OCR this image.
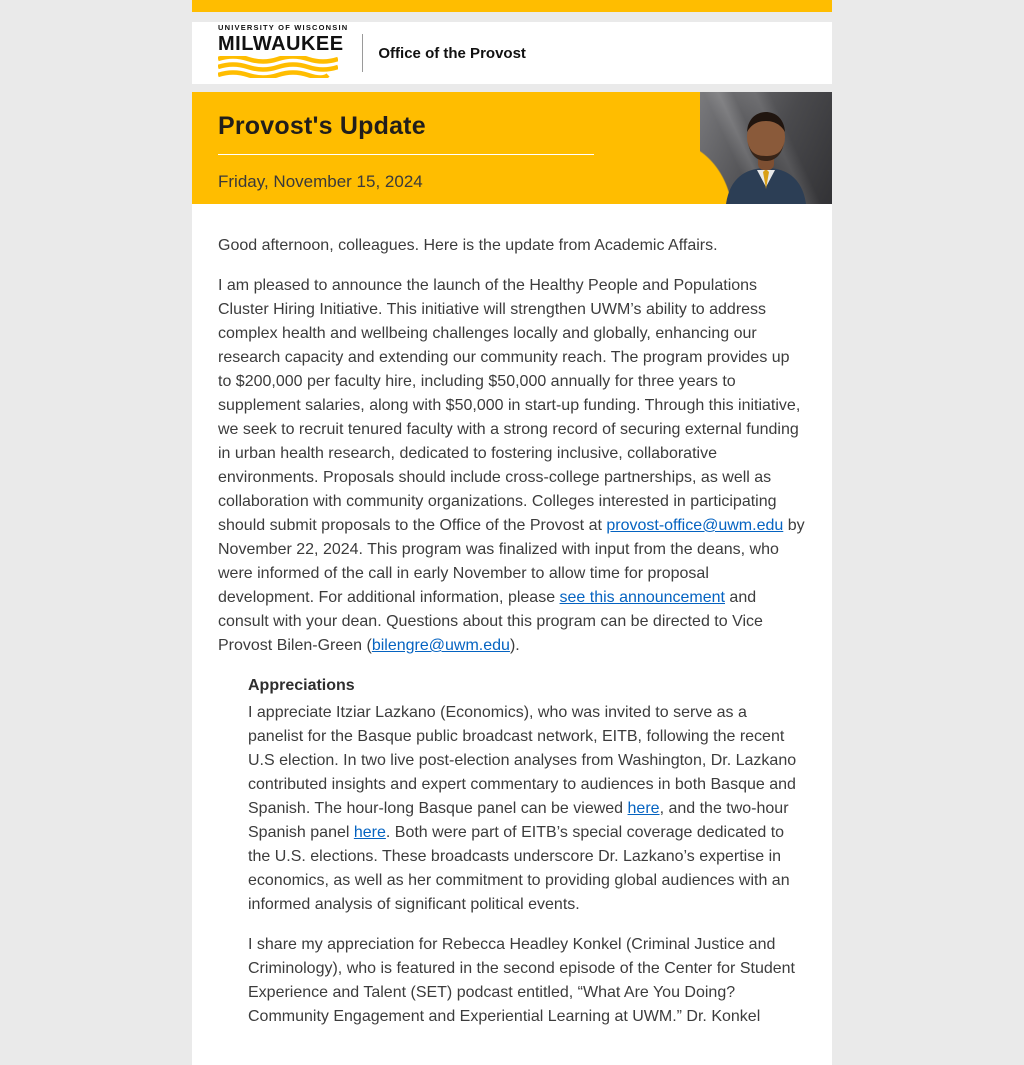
UNIVERSITY OF WISCONSIN
MILWAUKEE	Office of the Provost
Provost's Update
Friday, November 15, 2024

Good afternoon, colleagues. Here is the update from Academic Affairs.

I am pleased to announce the launch of the Healthy People and Populations Cluster Hiring Initiative. This initiative will strengthen UWM’s ability to address complex health and wellbeing challenges locally and globally, enhancing our research capacity and extending our community reach. The program provides up to $200,000 per faculty hire, including $50,000 annually for three years to supplement salaries, along with $50,000 in start-up funding. Through this initiative, we seek to recruit tenured faculty with a strong record of securing external funding in urban health research, dedicated to fostering inclusive, collaborative environments. Proposals should include cross-college partnerships, as well as collaboration with community organizations. Colleges interested in participating should submit proposals to the Office of the Provost at provost-office@uwm.edu by November 22, 2024. This program was finalized with input from the deans, who were informed of the call in early November to allow time for proposal development. For additional information, please see this announcement and consult with your dean. Questions about this program can be directed to Vice Provost Bilen-Green (bilengre@uwm.edu).

Appreciations

I appreciate Itziar Lazkano (Economics), who was invited to serve as a panelist for the Basque public broadcast network, EITB, following the recent U.S election. In two live post-election analyses from Washington, Dr. Lazkano contributed insights and expert commentary to audiences in both Basque and Spanish. The hour-long Basque panel can be viewed here, and the two-hour Spanish panel here. Both were part of EITB’s special coverage dedicated to the U.S. elections. These broadcasts underscore Dr. Lazkano’s expertise in economics, as well as her commitment to providing global audiences with an informed analysis of significant political events.

I share my appreciation for Rebecca Headley Konkel (Criminal Justice and Criminology), who is featured in the second episode of the Center for Student Experience and Talent (SET) podcast entitled, “What Are You Doing? Community Engagement and Experiential Learning at UWM.” Dr. Konkel
